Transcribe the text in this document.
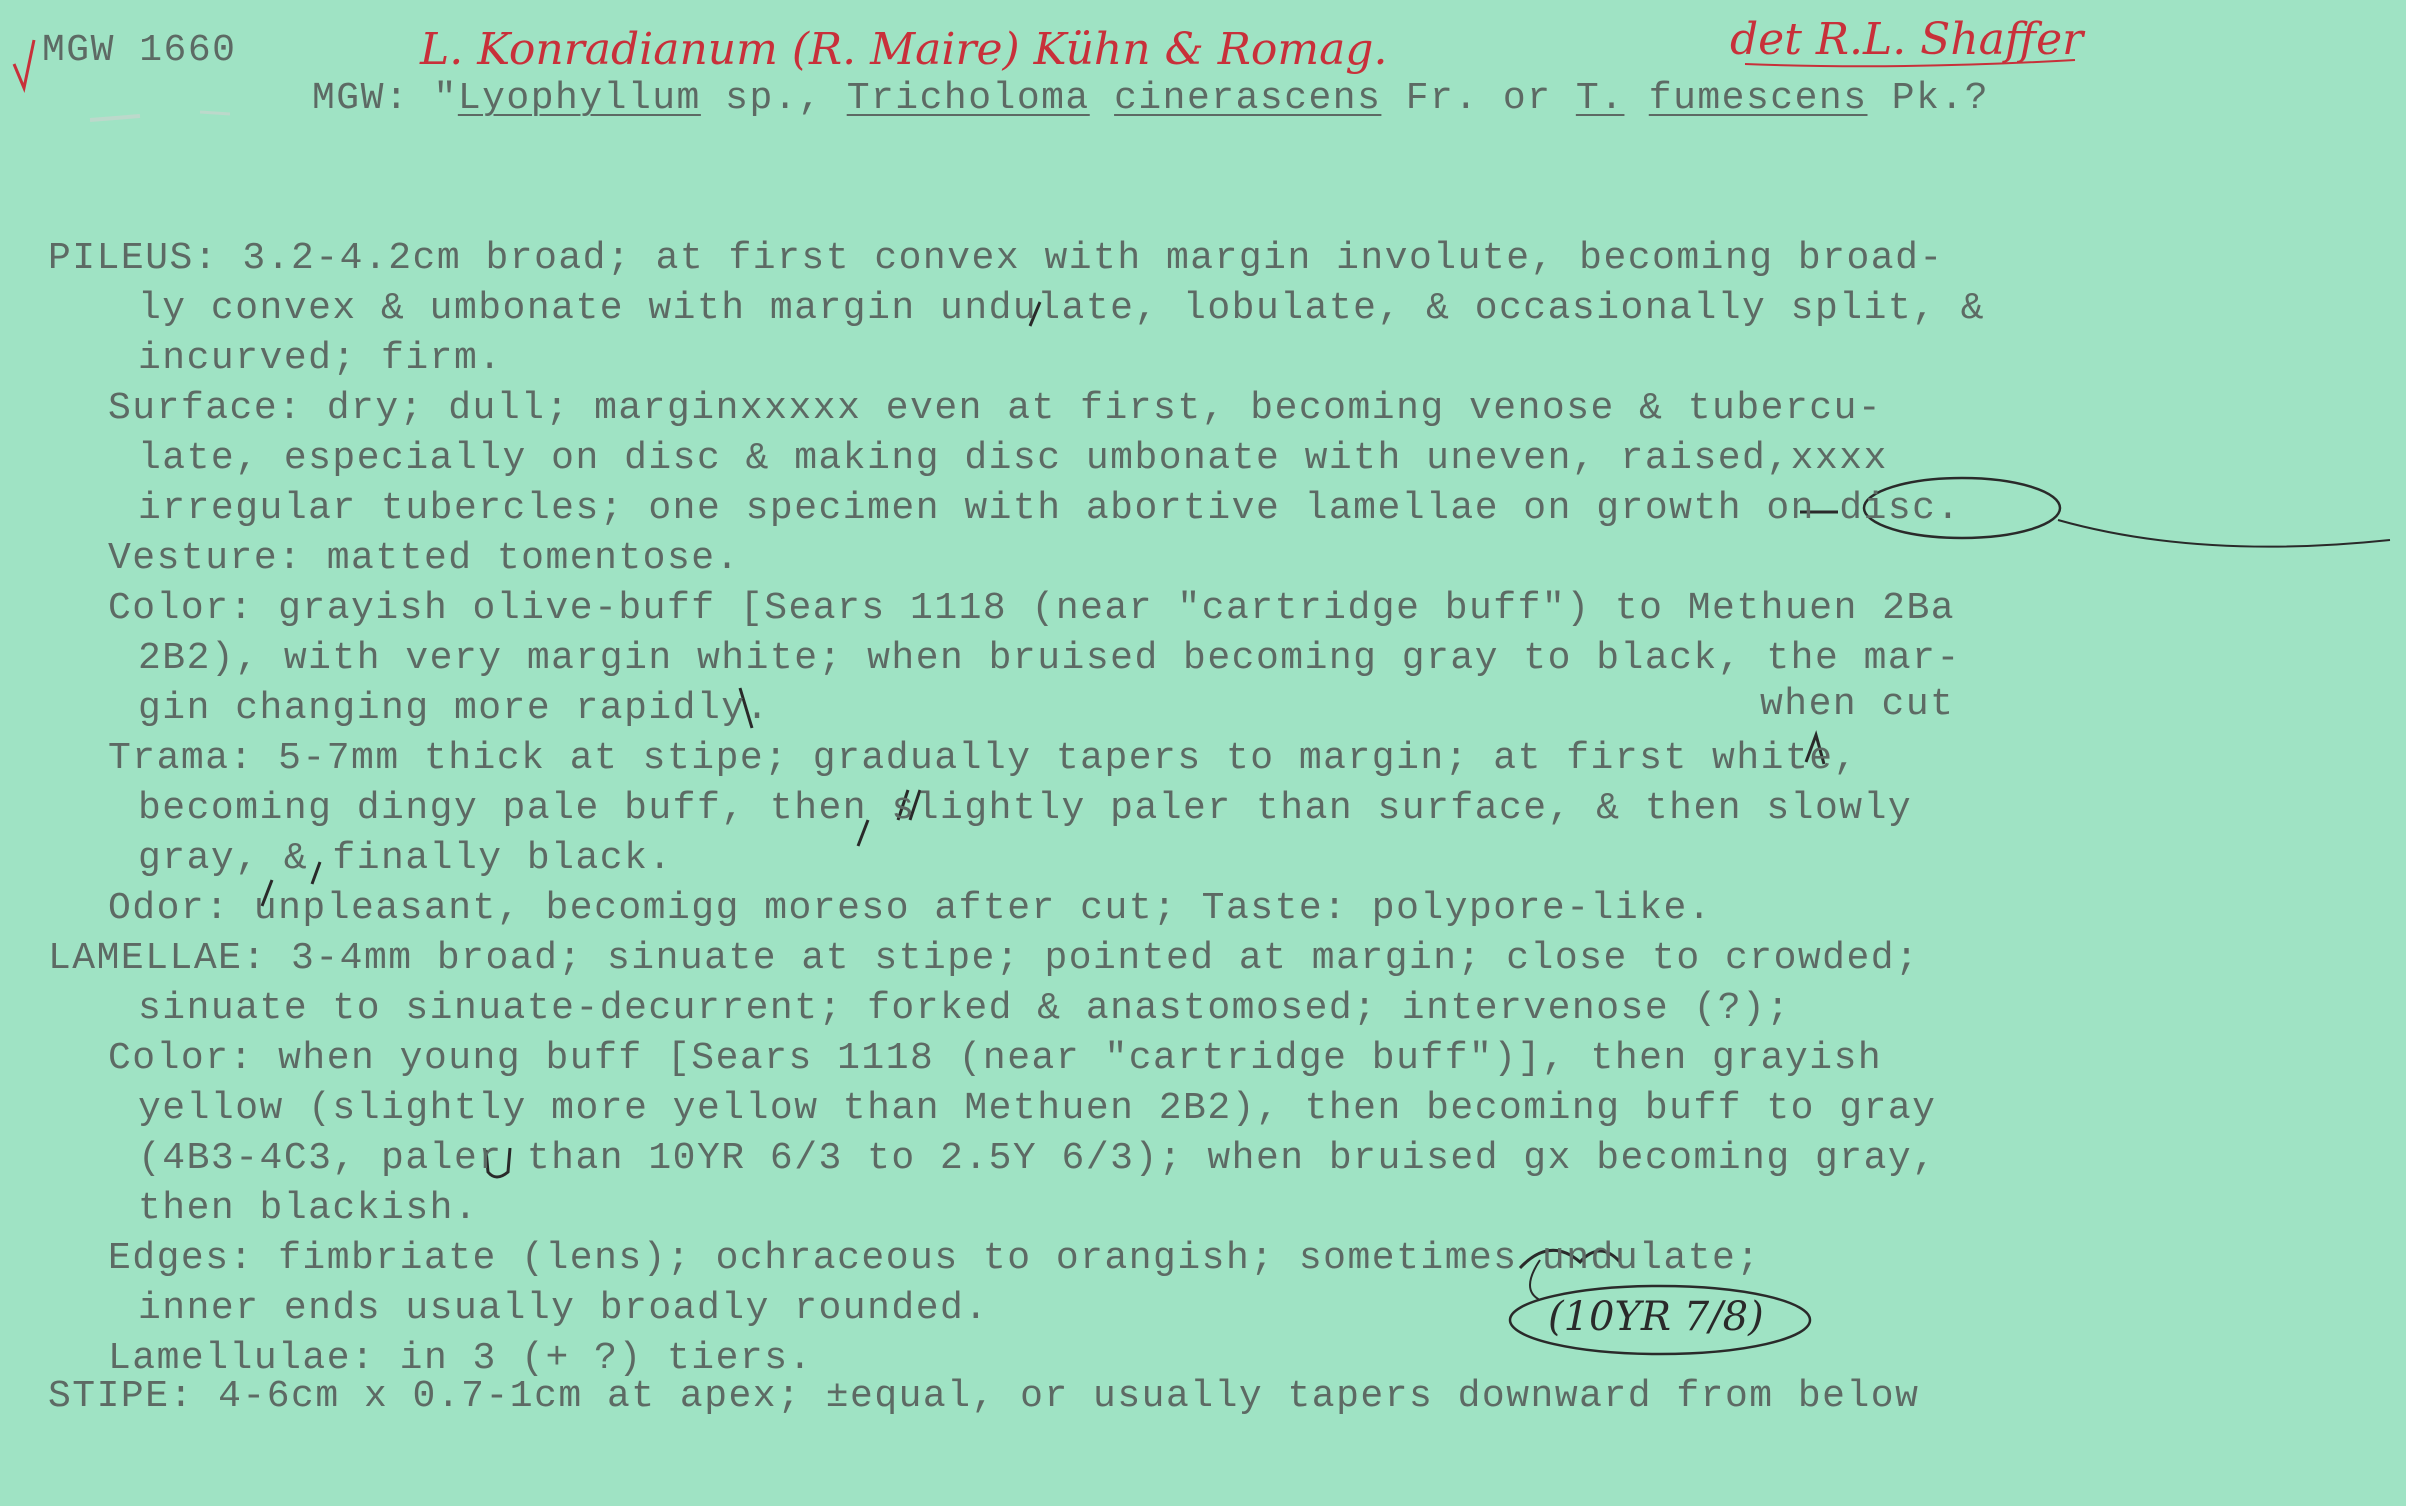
MGW 1660	L. Konradianum (R. Maire) Kühn & Romag.	det R.L. Shaffer
MGW: "Lyophyllum sp., Tricholoma cinerascens Fr. or T. fumescens Pk.?
PILEUS: 3.2-4.2cm broad; at first convex with margin involute, becoming broad-
ly convex & umbonate with margin undulate, lobulate, & occasionally split, &
incurved; firm.
Surface: dry; dull; marginxxxxx even at first, becoming venose & tubercu-
late, especially on disc & making disc umbonate with uneven, raised,xxxx
irregular tubercles; one specimen with abortive lamellae on growth on disc.
Vesture: matted tomentose.
Color: grayish olive-buff [Sears 1118 (near "cartridge buff") to Methuen 2Ba
2B2), with very margin white; when bruised becoming gray to black, the mar-
gin changing more rapidly.
Trama: 5-7mm thick at stipe; gradually tapers to margin; at first white,
becoming dingy pale buff, then slightly paler than surface, & then slowly
gray, & finally black.
Odor: unpleasant, becomigg moreso after cut; Taste: polypore-like.
LAMELLAE: 3-4mm broad; sinuate at stipe; pointed at margin; close to crowded;
sinuate to sinuate-decurrent; forked & anastomosed; intervenose (?);
Color: when young buff [Sears 1118 (near "cartridge buff")], then grayish
yellow (slightly more yellow than Methuen 2B2), then becoming buff to gray
(4B3-4C3, paler than 10YR 6/3 to 2.5Y 6/3); when bruised gx becoming gray,
then blackish.
Edges: fimbriate (lens); ochraceous to orangish; sometimes undulate;
inner ends usually broadly rounded.
Lamellulae: in 3 (+ ?) tiers.
STIPE: 4-6cm x 0.7-1cm at apex; ±equal, or usually tapers downward from below
when cut
(10YR 7/8)
